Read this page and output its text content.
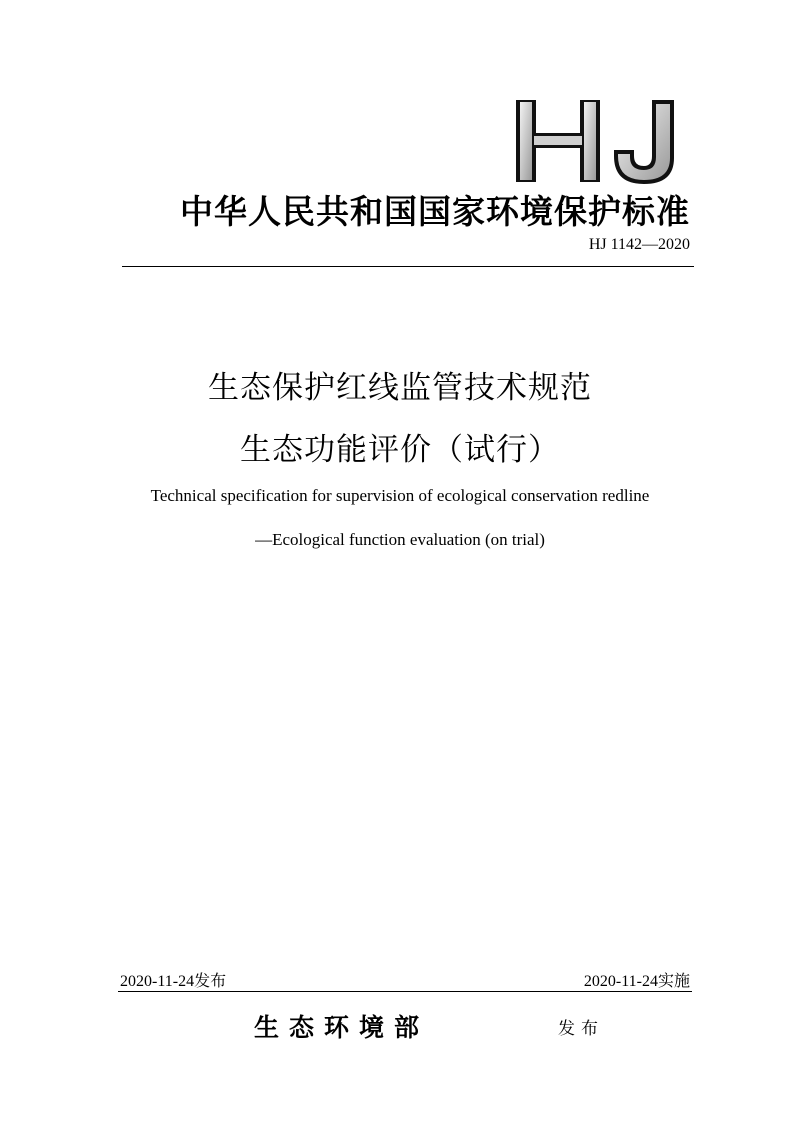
中华人民共和国国家环境保护标准
HJ 1142—2020
生态保护红线监管技术规范
生态功能评价（试行）
Technical specification for supervision of ecological conservation redline
—Ecological function evaluation (on trial)
2020-11-24发布	2020-11-24实施
生态环境部	发布
